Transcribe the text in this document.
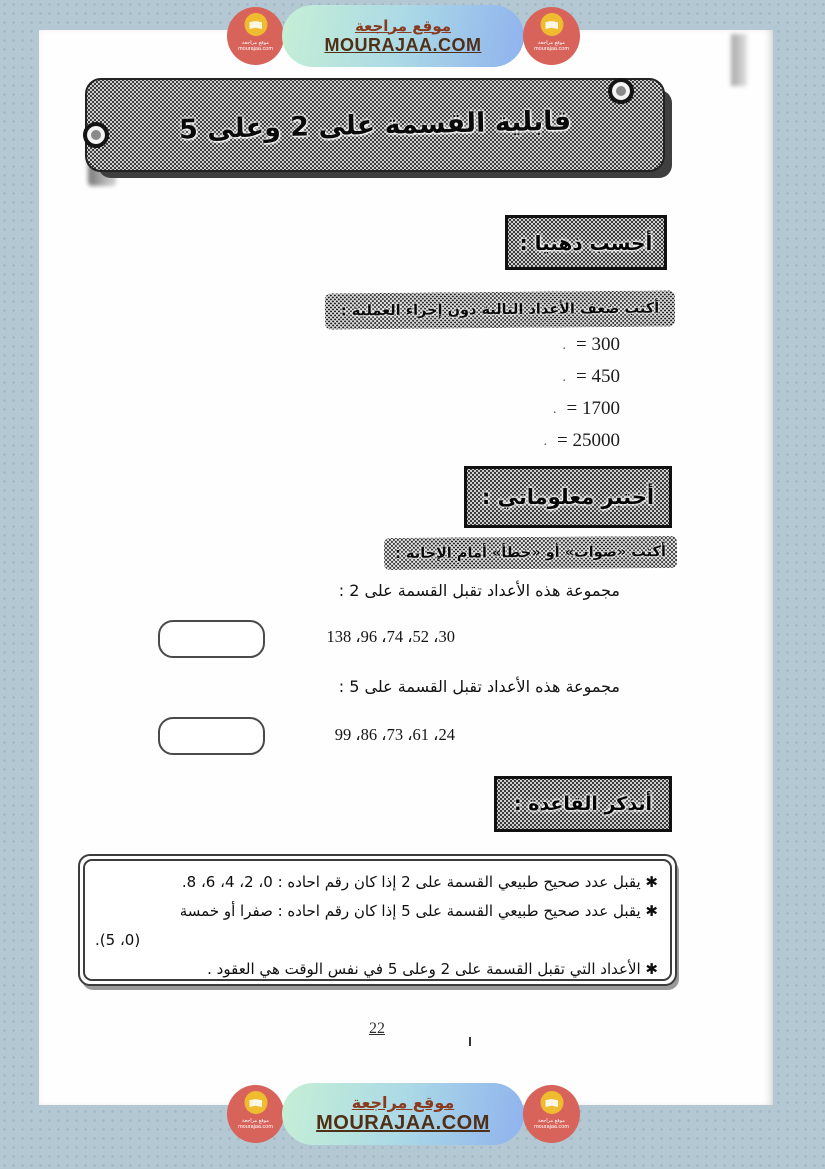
موقع مراجعة
mourajaa.com
موقع مراجعة
MOURAJAA.COM	موقع مراجعة
mourajaa.com
قابلية القسمة على 2 وعلى 5
أحسب ذهنيا :
أكتب ضعف الأعداد التالية دون إجراء العملية :
. = 300
. = 450
. = 1700
. = 25000
أختبر معلوماتي :
أكتب «صواب» أو «خطأ» أمام الإجابة :
مجموعة هذه الأعداد تقبل القسمة على 2 :
30، 52، 74، 96، 138
مجموعة هذه الأعداد تقبل القسمة على 5 :
24، 61، 73، 86، 99
أتذكر القاعدة :
✱ يقبل عدد صحيح طبيعي القسمة على 2 إذا كان رقم احاده : 0، 2، 4، 6، 8.
✱ يقبل عدد صحيح طبيعي القسمة على 5 إذا كان رقم احاده : صفرا أو خمسة
(0، 5).
✱ الأعداد التي تقبل القسمة على 2 وعلى 5 في نفس الوقت هي العقود .
22
موقع مراجعة
mourajaa.com
موقع مراجعة
MOURAJAA.COM	موقع مراجعة
mourajaa.com
